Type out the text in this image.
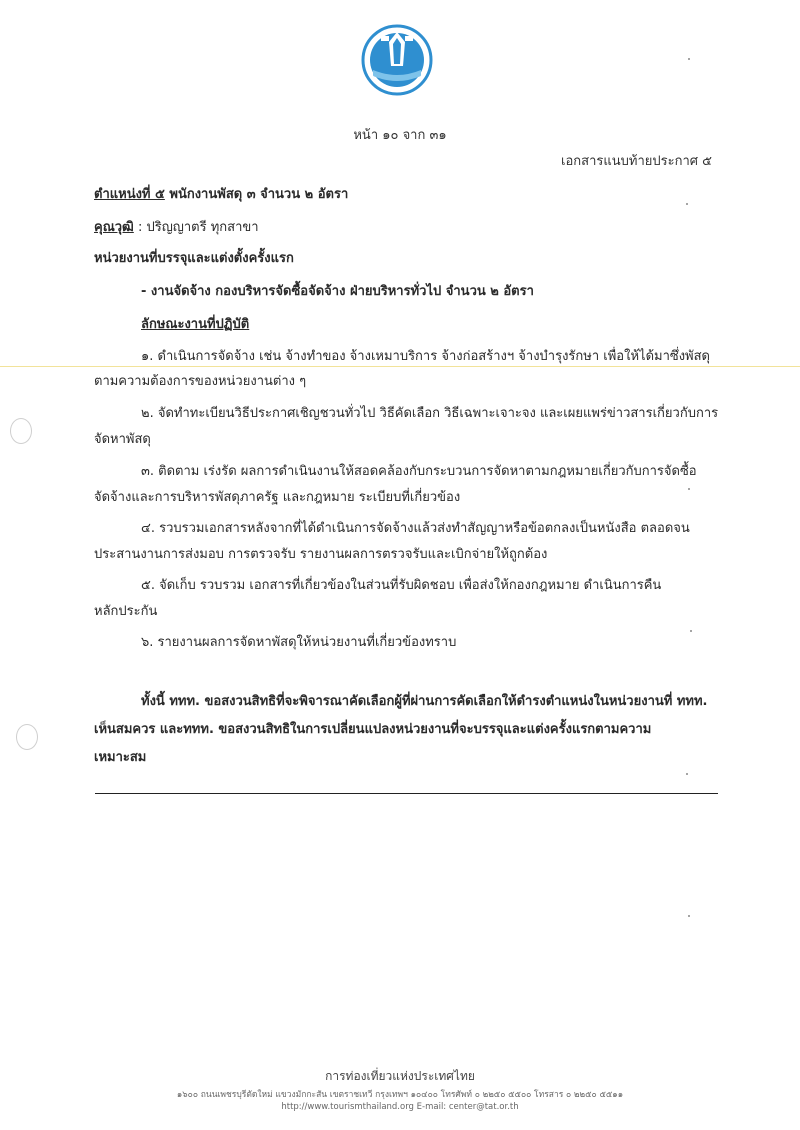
หน้า ๑๐ จาก ๓๑
เอกสารแนบท้ายประกาศ ๕
ตำแหน่งที่ ๕ พนักงานพัสดุ ๓ จำนวน ๒ อัตรา
คุณวุฒิ : ปริญญาตรี ทุกสาขา
หน่วยงานที่บรรจุและแต่งตั้งครั้งแรก
- งานจัดจ้าง กองบริหารจัดซื้อจัดจ้าง ฝ่ายบริหารทั่วไป จำนวน ๒ อัตรา
ลักษณะงานที่ปฏิบัติ
๑. ดำเนินการจัดจ้าง เช่น จ้างทำของ จ้างเหมาบริการ จ้างก่อสร้างฯ จ้างบำรุงรักษา เพื่อให้ได้มาซึ่งพัสดุ
ตามความต้องการของหน่วยงานต่าง ๆ
๒. จัดทำทะเบียนวิธีประกาศเชิญชวนทั่วไป วิธีคัดเลือก วิธีเฉพาะเจาะจง และเผยแพร่ข่าวสารเกี่ยวกับการ
จัดหาพัสดุ
๓. ติดตาม เร่งรัด ผลการดำเนินงานให้สอดคล้องกับกระบวนการจัดหาตามกฎหมายเกี่ยวกับการจัดซื้อ
จัดจ้างและการบริหารพัสดุภาครัฐ และกฎหมาย ระเบียบที่เกี่ยวข้อง
๔. รวบรวมเอกสารหลังจากที่ได้ดำเนินการจัดจ้างแล้วส่งทำสัญญาหรือข้อตกลงเป็นหนังสือ ตลอดจน
ประสานงานการส่งมอบ การตรวจรับ รายงานผลการตรวจรับและเบิกจ่ายให้ถูกต้อง
๕. จัดเก็บ รวบรวม เอกสารที่เกี่ยวข้องในส่วนที่รับผิดชอบ เพื่อส่งให้กองกฎหมาย ดำเนินการคืน
หลักประกัน
๖. รายงานผลการจัดหาพัสดุให้หน่วยงานที่เกี่ยวข้องทราบ
ทั้งนี้ ททท. ขอสงวนสิทธิที่จะพิจารณาคัดเลือกผู้ที่ผ่านการคัดเลือกให้ดำรงตำแหน่งในหน่วยงานที่ ททท.
เห็นสมควร และททท. ขอสงวนสิทธิในการเปลี่ยนแปลงหน่วยงานที่จะบรรจุและแต่งครั้งแรกตามความ
เหมาะสม
การท่องเที่ยวแห่งประเทศไทย
๑๖๐๐ ถนนเพชรบุรีตัดใหม่ แขวงมักกะสัน เขตราชเทวี กรุงเทพฯ ๑๐๔๐๐ โทรศัพท์ ๐ ๒๒๕๐ ๕๕๐๐ โทรสาร ๐ ๒๒๕๐ ๕๕๑๑
http://www.tourismthailand.org E-mail: center@tat.or.th
